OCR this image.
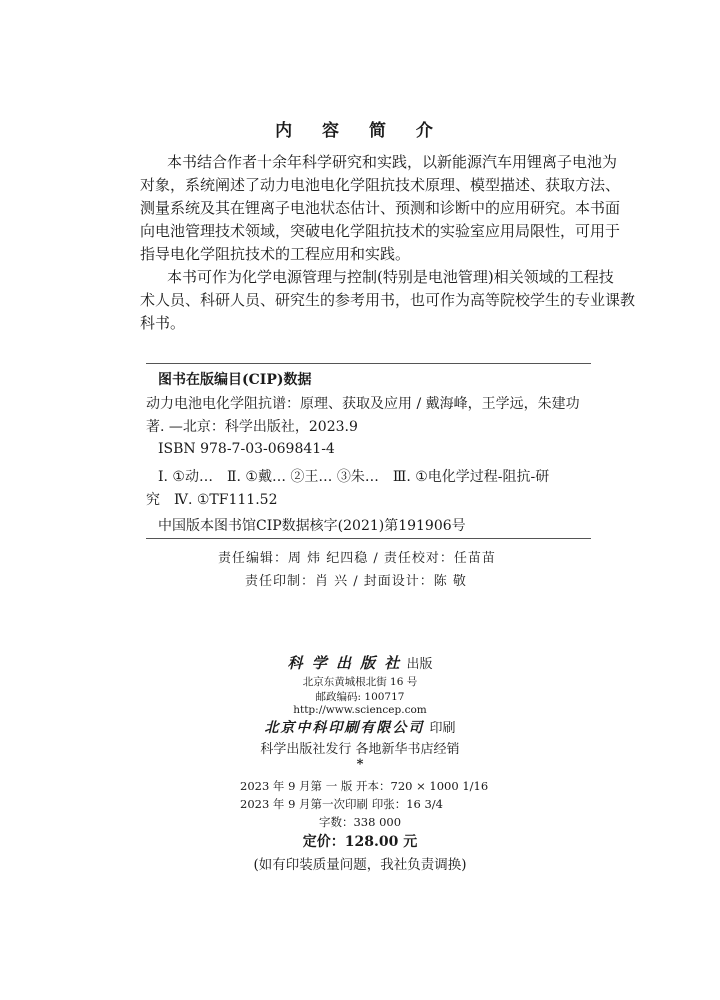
内 容 简 介
本书结合作者十余年科学研究和实践，以新能源汽车用锂离子电池为
对象，系统阐述了动力电池电化学阻抗技术原理、模型描述、获取方法、
测量系统及其在锂离子电池状态估计、预测和诊断中的应用研究。本书面
向电池管理技术领域，突破电化学阻抗技术的实验室应用局限性，可用于
指导电化学阻抗技术的工程应用和实践。
本书可作为化学电源管理与控制(特别是电池管理)相关领域的工程技
术人员、科研人员、研究生的参考用书，也可作为高等院校学生的专业课教
科书。
图书在版编目(CIP)数据
动力电池电化学阻抗谱：原理、获取及应用 / 戴海峰，王学远，朱建功
著. —北京：科学出版社，2023.9
ISBN 978-7-03-069841-4
Ⅰ. ①动…　Ⅱ. ①戴… ②王… ③朱…　Ⅲ. ①电化学过程-阻抗-研
究　Ⅳ. ①TF111.52
中国版本图书馆CIP数据核字(2021)第191906号
责任编辑：周 炜 纪四稳 / 责任校对：任苗苗
责任印制：肖 兴 / 封面设计：陈 敬
科 学 出 版 社 出版
北京东黄城根北街 16 号
邮政编码: 100717
http://www.sciencep.com
北京中科印刷有限公司 印刷
科学出版社发行 各地新华书店经销
*
2023 年 9 月第 一 版 开本：720 × 1000 1/16
2023 年 9 月第一次印刷 印张：16 3/4
字数：338 000
定价：128.00 元
(如有印装质量问题，我社负责调换)
